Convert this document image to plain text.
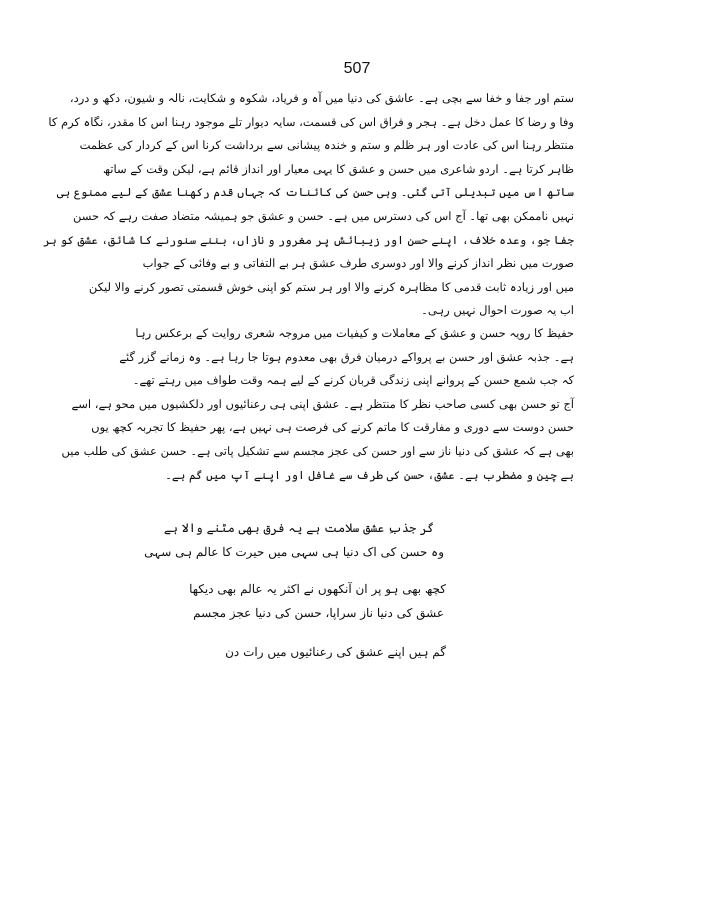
507
ستم اور جفا و خفا سے بچی ہے۔ عاشق کی دنیا میں آہ و فریاد، شکوہ و شکایت، نالہ و شیون، دکھ و درد،
وفا و رضا کا عمل دخل ہے۔ ہجر و فراق اس کی قسمت، سایہ دیوار تلے موجود رہنا اس کا مقدر، نگاہ کرم کا
منتظر رہنا اس کی عادت اور ہر ظلم و ستم و خندہ پیشانی سے برداشت کرنا اس کے کردار کی عظمت
ظاہر کرتا ہے۔ اردو شاعری میں حسن و عشق کا یہی معیار اور انداز قائم ہے، لیکن وقت کے ساتھ
ساتھ اس میں تبدیلی آتی گئی۔ وہی حسن کی کائنات کہ جہاں قدم رکھنا عشق کے لیے ممنوع ہی
نہیں ناممکن بھی تھا۔ آج اس کی دسترس میں ہے۔ حسن و عشق جو ہمیشہ متضاد صفت رہے کہ حسن
جفا جو، وعدہ خلاف، اپنے حسن اور زیبائش پر مغرور و نازاں، بننے سنورنے کا شائق، عشق کو ہر
صورت میں نظر انداز کرنے والا اور دوسری طرف عشق ہر بے التفاتی و بے وفائی کے جواب
میں اور زیادہ ثابت قدمی کا مظاہرہ کرنے والا اور ہر ستم کو اپنی خوش قسمتی تصور کرنے والا لیکن
اب یہ صورت احوال نہیں رہی۔
حفیظ کا رویہ حسن و عشق کے معاملات و کیفیات میں مروجہ شعری روایت کے برعکس رہا
ہے۔ جذبہ عشق اور حسن بے پرواکے درمیان فرق بھی معدوم ہوتا جا رہا ہے۔ وہ زمانے گزر گئے
کہ جب شمع حسن کے پروانے اپنی زندگی قربان کرنے کے لیے ہمہ وقت طواف میں رہتے تھے۔
آج تو حسن بھی کسی صاحب نظر کا منتظر ہے۔ عشق اپنی ہی رعنائیوں اور دلکشیوں میں محو ہے، اسے
حسن دوست سے دوری و مفارقت کا ماتم کرنے کی فرصت ہی نہیں ہے، پھر حفیظ کا تجربہ کچھ یوں
بھی ہے کہ عشق کی دنیا ناز سے اور حسن کی عجز مجسم سے تشکیل پاتی ہے۔ حسن عشق کی طلب میں
بے چین و مضطرب ہے۔ عشق، حسن کی طرف سے غافل اور اپنے آپ میں گم ہے۔
گر جذبِ عشق سلامت ہے یہ فرق بھی مٹنے والا ہے
وہ حسن کی اک دنیا ہی سہی میں حیرت کا عالم ہی سہی
کچھ بھی ہو پر ان آنکھوں نے اکثر یہ عالم بھی دیکھا
عشق کی دنیا ناز سراپا، حسن کی دنیا عجز مجسم
گم ہیں اپنے عشق کی رعنائیوں میں رات دن
